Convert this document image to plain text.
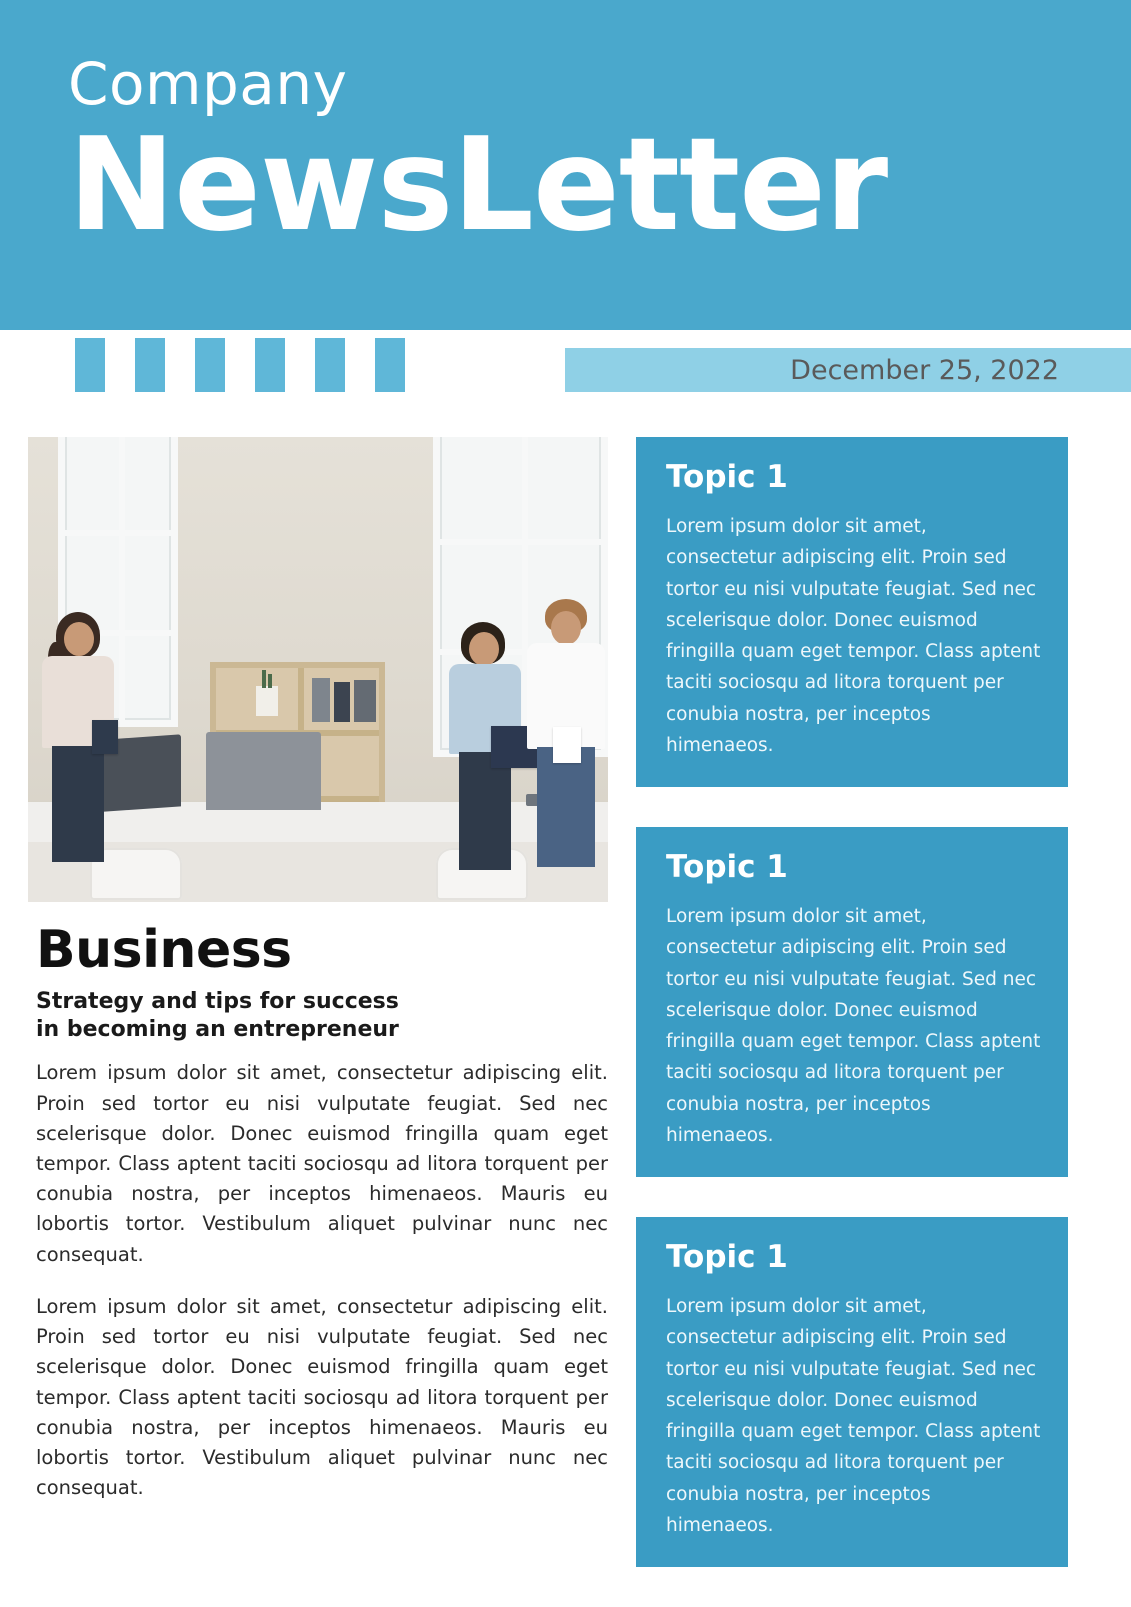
Company
NewsLetter
December 25, 2022
Business
Strategy and tips for success
in becoming an entrepreneur

Lorem ipsum dolor sit amet, consectetur adipiscing elit. Proin sed tortor eu nisi vulputate feugiat. Sed nec scelerisque dolor. Donec euismod fringilla quam eget tempor. Class aptent taciti sociosqu ad litora torquent per conubia nostra, per inceptos himenaeos. Mauris eu lobortis tortor. Vestibulum aliquet pulvinar nunc nec consequat.

Lorem ipsum dolor sit amet, consectetur adipiscing elit. Proin sed tortor eu nisi vulputate feugiat. Sed nec scelerisque dolor. Donec euismod fringilla quam eget tempor. Class aptent taciti sociosqu ad litora torquent per conubia nostra, per inceptos himenaeos. Mauris eu lobortis tortor. Vestibulum aliquet pulvinar nunc nec consequat.

Topic 1

Lorem ipsum dolor sit amet, consectetur adipiscing elit. Proin sed tortor eu nisi vulputate feugiat. Sed nec scelerisque dolor. Donec euismod fringilla quam eget tempor. Class aptent taciti sociosqu ad litora torquent per conubia nostra, per inceptos himenaeos.

Topic 1

Lorem ipsum dolor sit amet, consectetur adipiscing elit. Proin sed tortor eu nisi vulputate feugiat. Sed nec scelerisque dolor. Donec euismod fringilla quam eget tempor. Class aptent taciti sociosqu ad litora torquent per conubia nostra, per inceptos himenaeos.

Topic 1

Lorem ipsum dolor sit amet, consectetur adipiscing elit. Proin sed tortor eu nisi vulputate feugiat. Sed nec scelerisque dolor. Donec euismod fringilla quam eget tempor. Class aptent taciti sociosqu ad litora torquent per conubia nostra, per inceptos himenaeos.
